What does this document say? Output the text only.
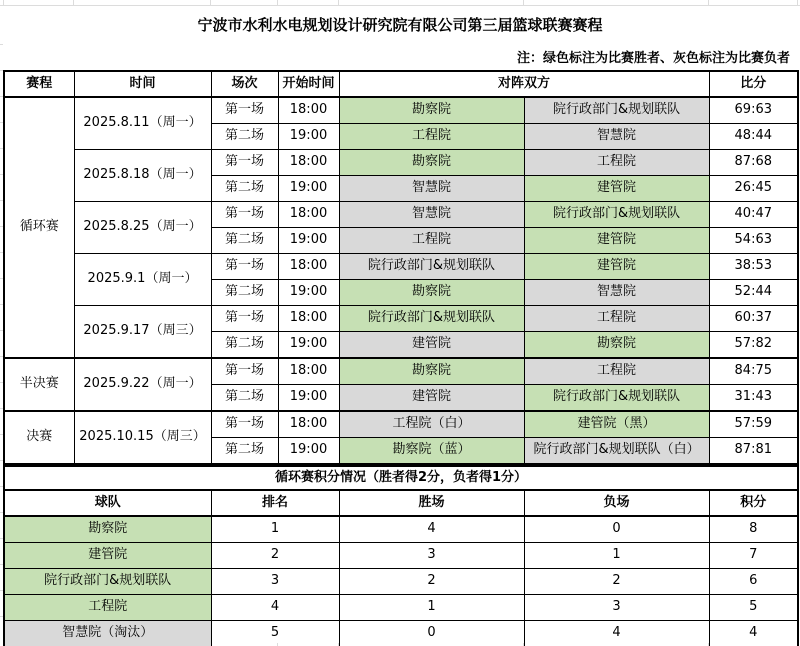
宁波市水利水电规划设计研究院有限公司第三届篮球联赛赛程
注：绿色标注为比赛胜者、灰色标注为比赛负者
赛程	时间	场次	开始时间	对阵双方		比分
循环赛	2025.8.11（周一）	第一场	18:00	勘察院	院行政部门&规划联队	69:63
		第二场	19:00	工程院	智慧院	48:44
	2025.8.18（周一）	第一场	18:00	勘察院	工程院	87:68
		第二场	19:00	智慧院	建管院	26:45
	2025.8.25（周一）	第一场	18:00	智慧院	院行政部门&规划联队	40:47
		第二场	19:00	工程院	建管院	54:63
	2025.9.1（周一）	第一场	18:00	院行政部门&规划联队	建管院	38:53
		第二场	19:00	勘察院	智慧院	52:44
	2025.9.17（周三）	第一场	18:00	院行政部门&规划联队	工程院	60:37
		第二场	19:00	建管院	勘察院	57:82
半决赛	2025.9.22（周一）	第一场	18:00	勘察院	工程院	84:75
		第二场	19:00	建管院	院行政部门&规划联队	31:43
决赛	2025.10.15（周三）	第一场	18:00	工程院（白）	建管院（黑）	57:59
		第二场	19:00	勘察院（蓝）	院行政部门&规划联队（白）	87:81
循环赛积分情况（胜者得2分，负者得1分）				
球队	排名	胜场	负场	积分
勘察院	1	4	0	8
建管院	2	3	1	7
院行政部门&规划联队	3	2	2	6
工程院	4	1	3	5
智慧院（淘汰）	5	0	4	4
